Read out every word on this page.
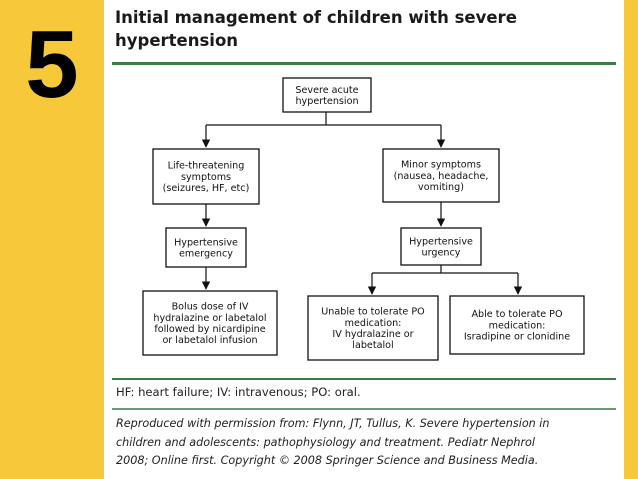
5	Initial management of children with severe
hypertension
Severe acute
hypertension
Life-threatening
symptoms
(seizures, HF, etc)
Minor symptoms
(nausea, headache,
vomiting)
Hypertensive
emergency
Hypertensive
urgency
Bolus dose of IV
hydralazine or labetalol
followed by nicardipine
or labetalol infusion
Unable to tolerate PO
medication:
IV hydralazine or
labetalol
Able to tolerate PO
medication:
Isradipine or clonidine
HF: heart failure; IV: intravenous; PO: oral.
Reproduced with permission from: Flynn, JT, Tullus, K. Severe hypertension in
children and adolescents: pathophysiology and treatment. Pediatr Nephrol
2008; Online first. Copyright © 2008 Springer Science and Business Media.
